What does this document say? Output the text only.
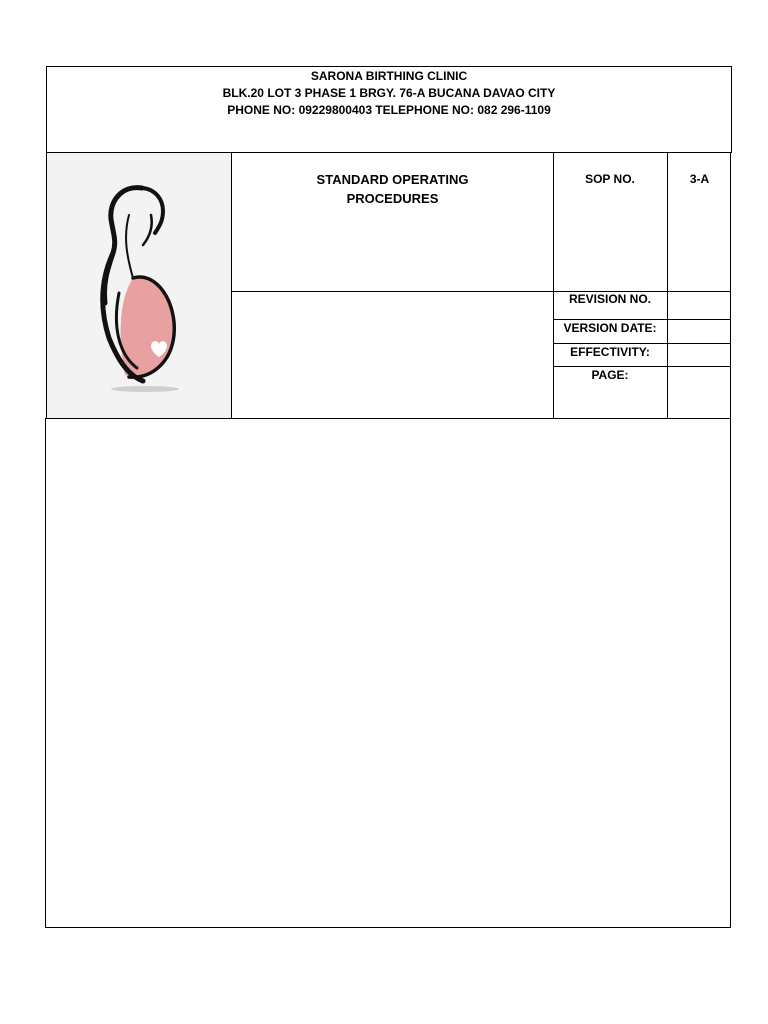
SARONA BIRTHING CLINIC
BLK.20 LOT 3 PHASE 1 BRGY. 76-A BUCANA DAVAO CITY
PHONE NO: 09229800403 TELEPHONE NO: 082 296-1109
STANDARD OPERATING
PROCEDURES
SOP NO.	3-A
REVISION NO.
VERSION DATE:
EFFECTIVITY:
PAGE:
